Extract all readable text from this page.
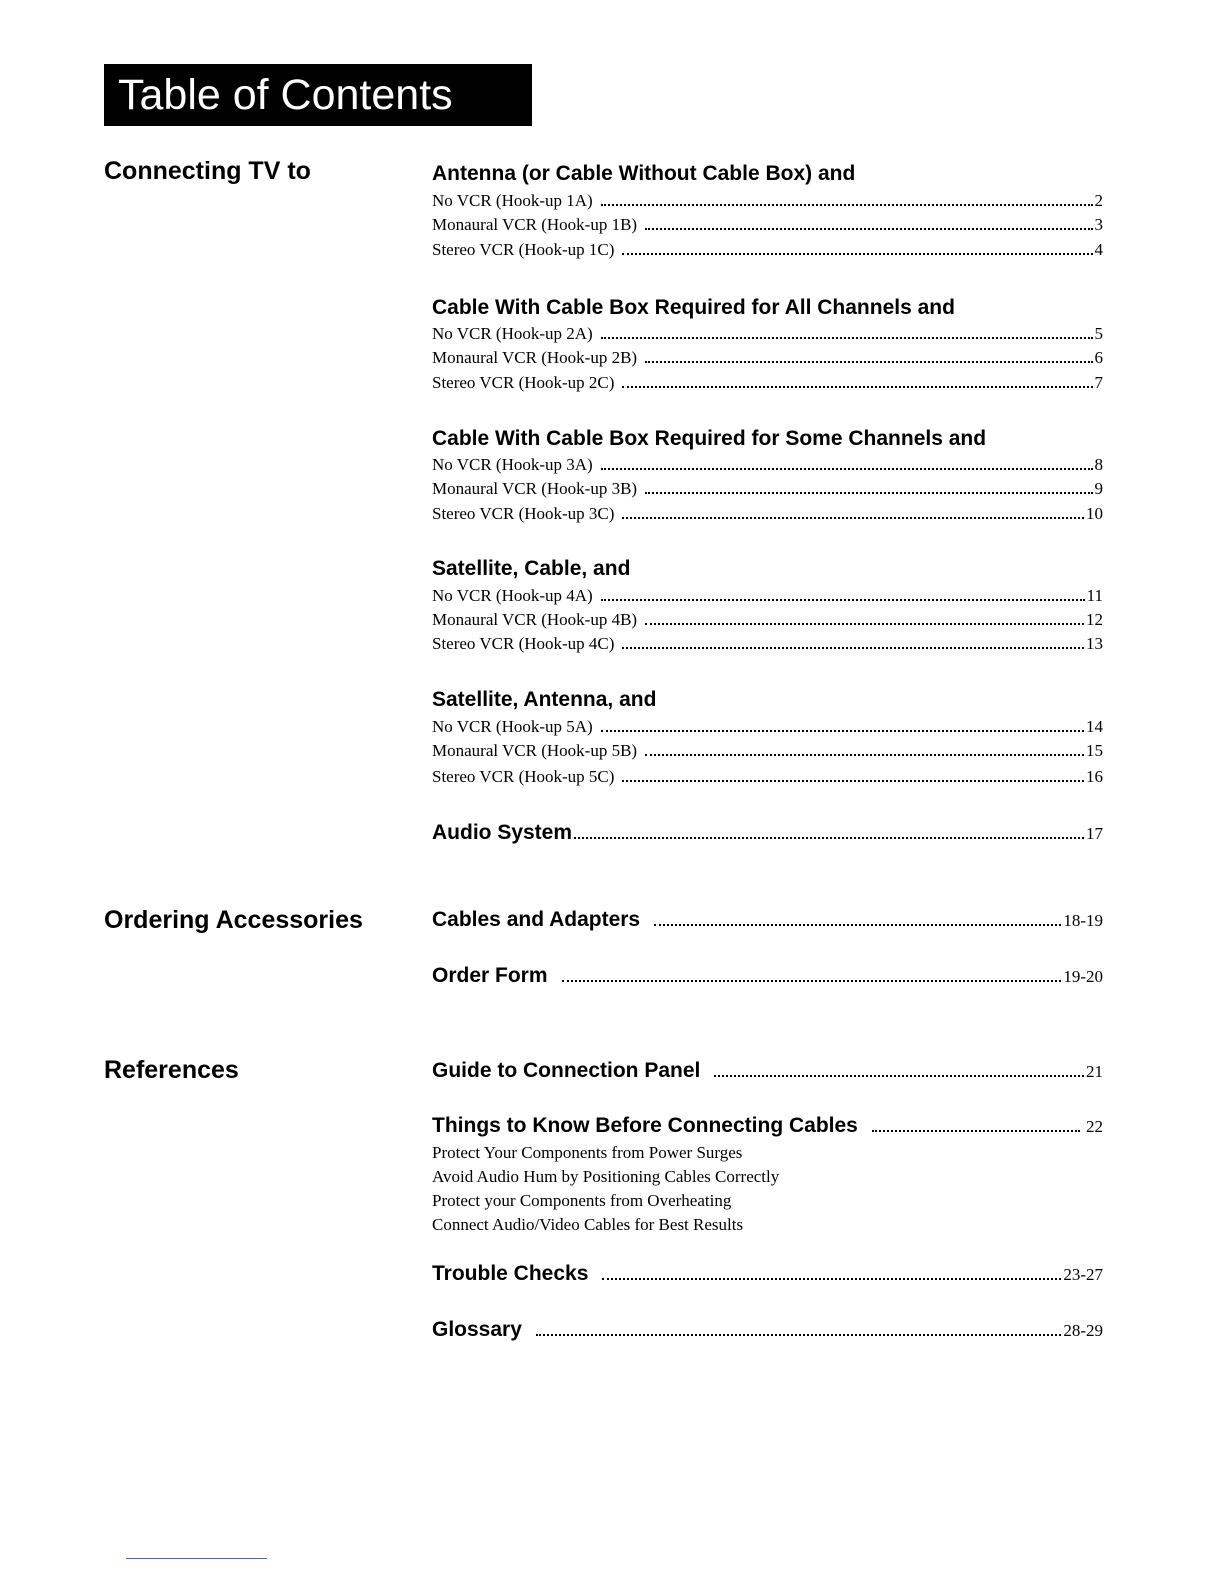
Table of Contents
Connecting TV to
Ordering Accessories
References
Antenna (or Cable Without Cable Box) and
No VCR (Hook-up 1A)	2
Monaural VCR (Hook-up 1B)	3
Stereo VCR (Hook-up 1C)	4
Cable With Cable Box Required for All Channels and
No VCR (Hook-up 2A)	5
Monaural VCR (Hook-up 2B)	6
Stereo VCR (Hook-up 2C)	7
Cable With Cable Box Required for Some Channels and
No VCR (Hook-up 3A)	8
Monaural VCR (Hook-up 3B)	9
Stereo VCR (Hook-up 3C)	10
Satellite, Cable, and
No VCR (Hook-up 4A)	11
Monaural VCR (Hook-up 4B)	12
Stereo VCR (Hook-up 4C)	13
Satellite, Antenna, and
No VCR (Hook-up 5A)	14
Monaural VCR (Hook-up 5B)	15
Stereo VCR (Hook-up 5C)	16
Audio System	17
Cables and Adapters	18-19
Order Form	19-20
Guide to Connection Panel	21
Things to Know Before Connecting Cables	22
Protect Your Components from Power Surges
Avoid Audio Hum by Positioning Cables Correctly
Protect your Components from Overheating
Connect Audio/Video Cables for Best Results
Trouble Checks	23-27
Glossary	28-29
